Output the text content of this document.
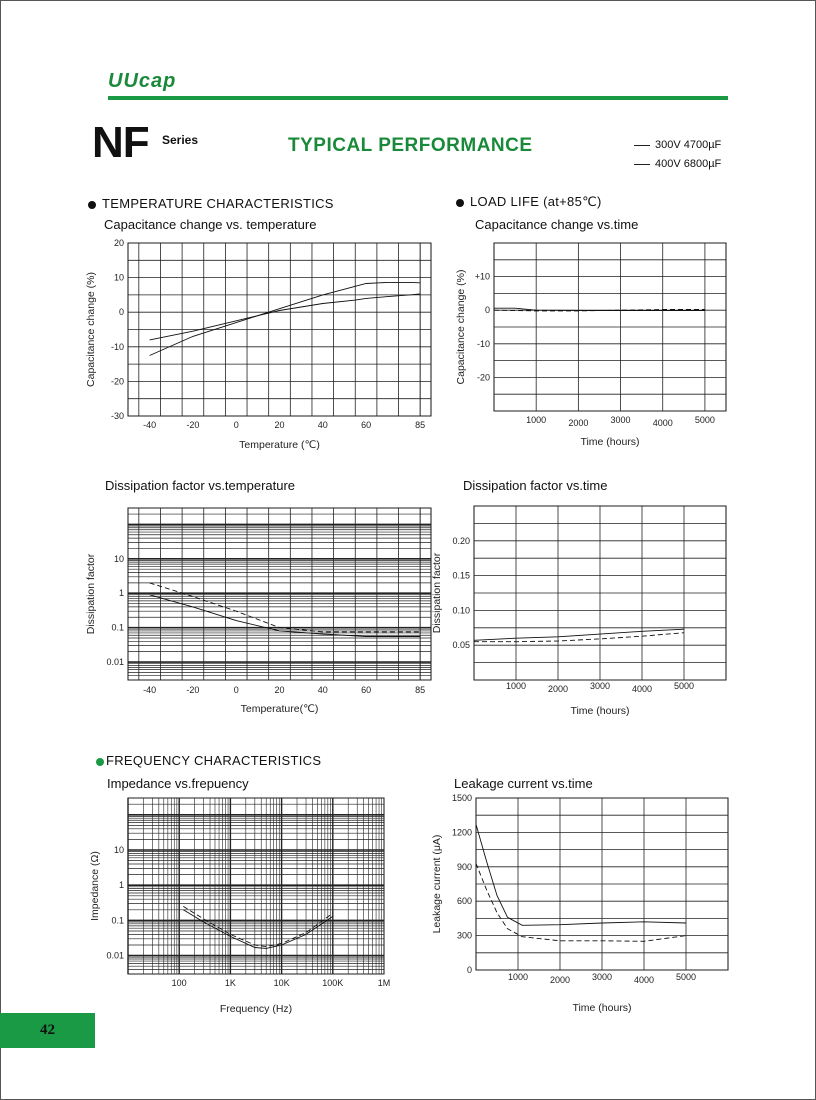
UUcap
NF Series	TYPICAL PERFORMANCE	300V 4700µF
400V 6800µF
TEMPERATURE CHARACTERISTICS	LOAD LIFE (at+85℃)
FREQUENCY CHARACTERISTICS
Capacitance change vs. temperature	Capacitance change vs.time
Dissipation factor vs.temperature	Dissipation factor vs.time
Impedance vs.frepuency	Leakage current vs.time
20
10
0
-10
-20
-30
-40	-20	0	20	40	60	85
Temperature (℃)
Capacitance change (%)	+10
0
-10
-20
1000 2000 3000 4000 5000
Time (hours)
Capacitance change (%)
10
1
0.1
0.01
-40	-20	0	20	40	60	85
Temperature(℃)
Dissipation factor
0.20
0.15
0.10
0.05
1000 2000 3000 4000 5000
Time (hours)
Dissipation factor
10
1
0.1
0.01
100	1K	10K	100K	1M
Frequency (Hz)
Impedance (Ω)
1500
1200
900
600
300
0
1000 2000 3000 4000 5000
Time (hours)
Leakage current (μA)
42
